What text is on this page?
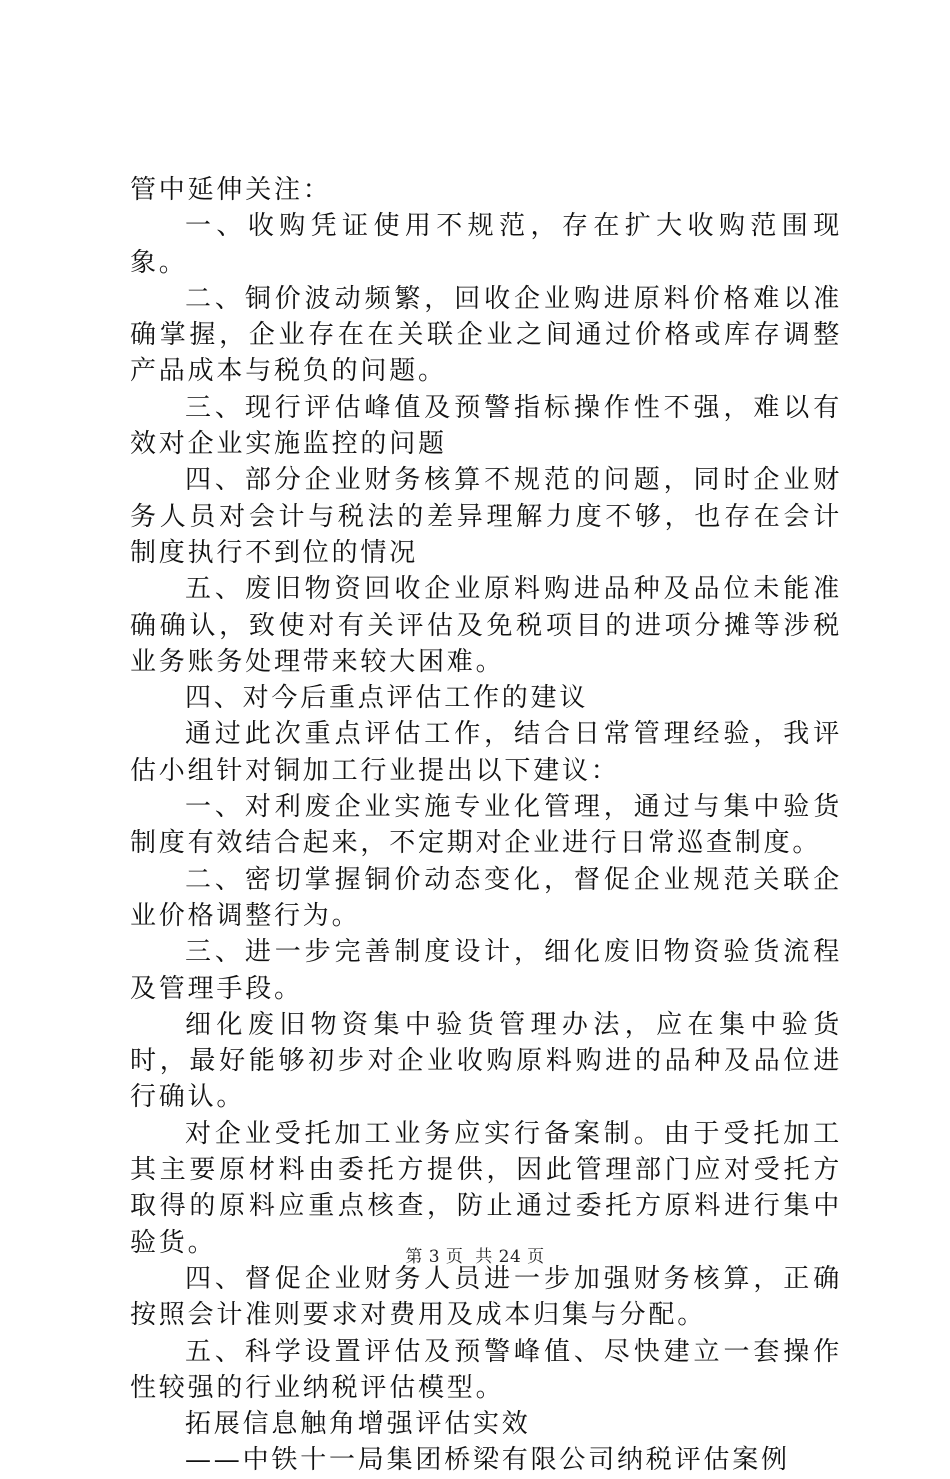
管中延伸关注：

一、收购凭证使用不规范，存在扩大收购范围现象。

二、铜价波动频繁，回收企业购进原料价格难以准确掌握，企业存在在关联企业之间通过价格或库存调整产品成本与税负的问题。

三、现行评估峰值及预警指标操作性不强，难以有效对企业实施监控的问题

四、部分企业财务核算不规范的问题，同时企业财务人员对会计与税法的差异理解力度不够，也存在会计制度执行不到位的情况

五、废旧物资回收企业原料购进品种及品位未能准确确认，致使对有关评估及免税项目的进项分摊等涉税业务账务处理带来较大困难。

四、对今后重点评估工作的建议

通过此次重点评估工作，结合日常管理经验，我评估小组针对铜加工行业提出以下建议：

一、对利废企业实施专业化管理，通过与集中验货制度有效结合起来，不定期对企业进行日常巡查制度。

二、密切掌握铜价动态变化，督促企业规范关联企业价格调整行为。

三、进一步完善制度设计，细化废旧物资验货流程及管理手段。

细化废旧物资集中验货管理办法，应在集中验货时，最好能够初步对企业收购原料购进的品种及品位进行确认。

对企业受托加工业务应实行备案制。由于受托加工其主要原材料由委托方提供，因此管理部门应对受托方取得的原料应重点核查，防止通过委托方原料进行集中验货。

四、督促企业财务人员进一步加强财务核算，正确按照会计准则要求对费用及成本归集与分配。

五、科学设置评估及预警峰值、尽快建立一套操作性较强的行业纳税评估模型。

拓展信息触角增强评估实效

——中铁十一局集团桥梁有限公司纳税评估案例

第 3 页  共 24 页
